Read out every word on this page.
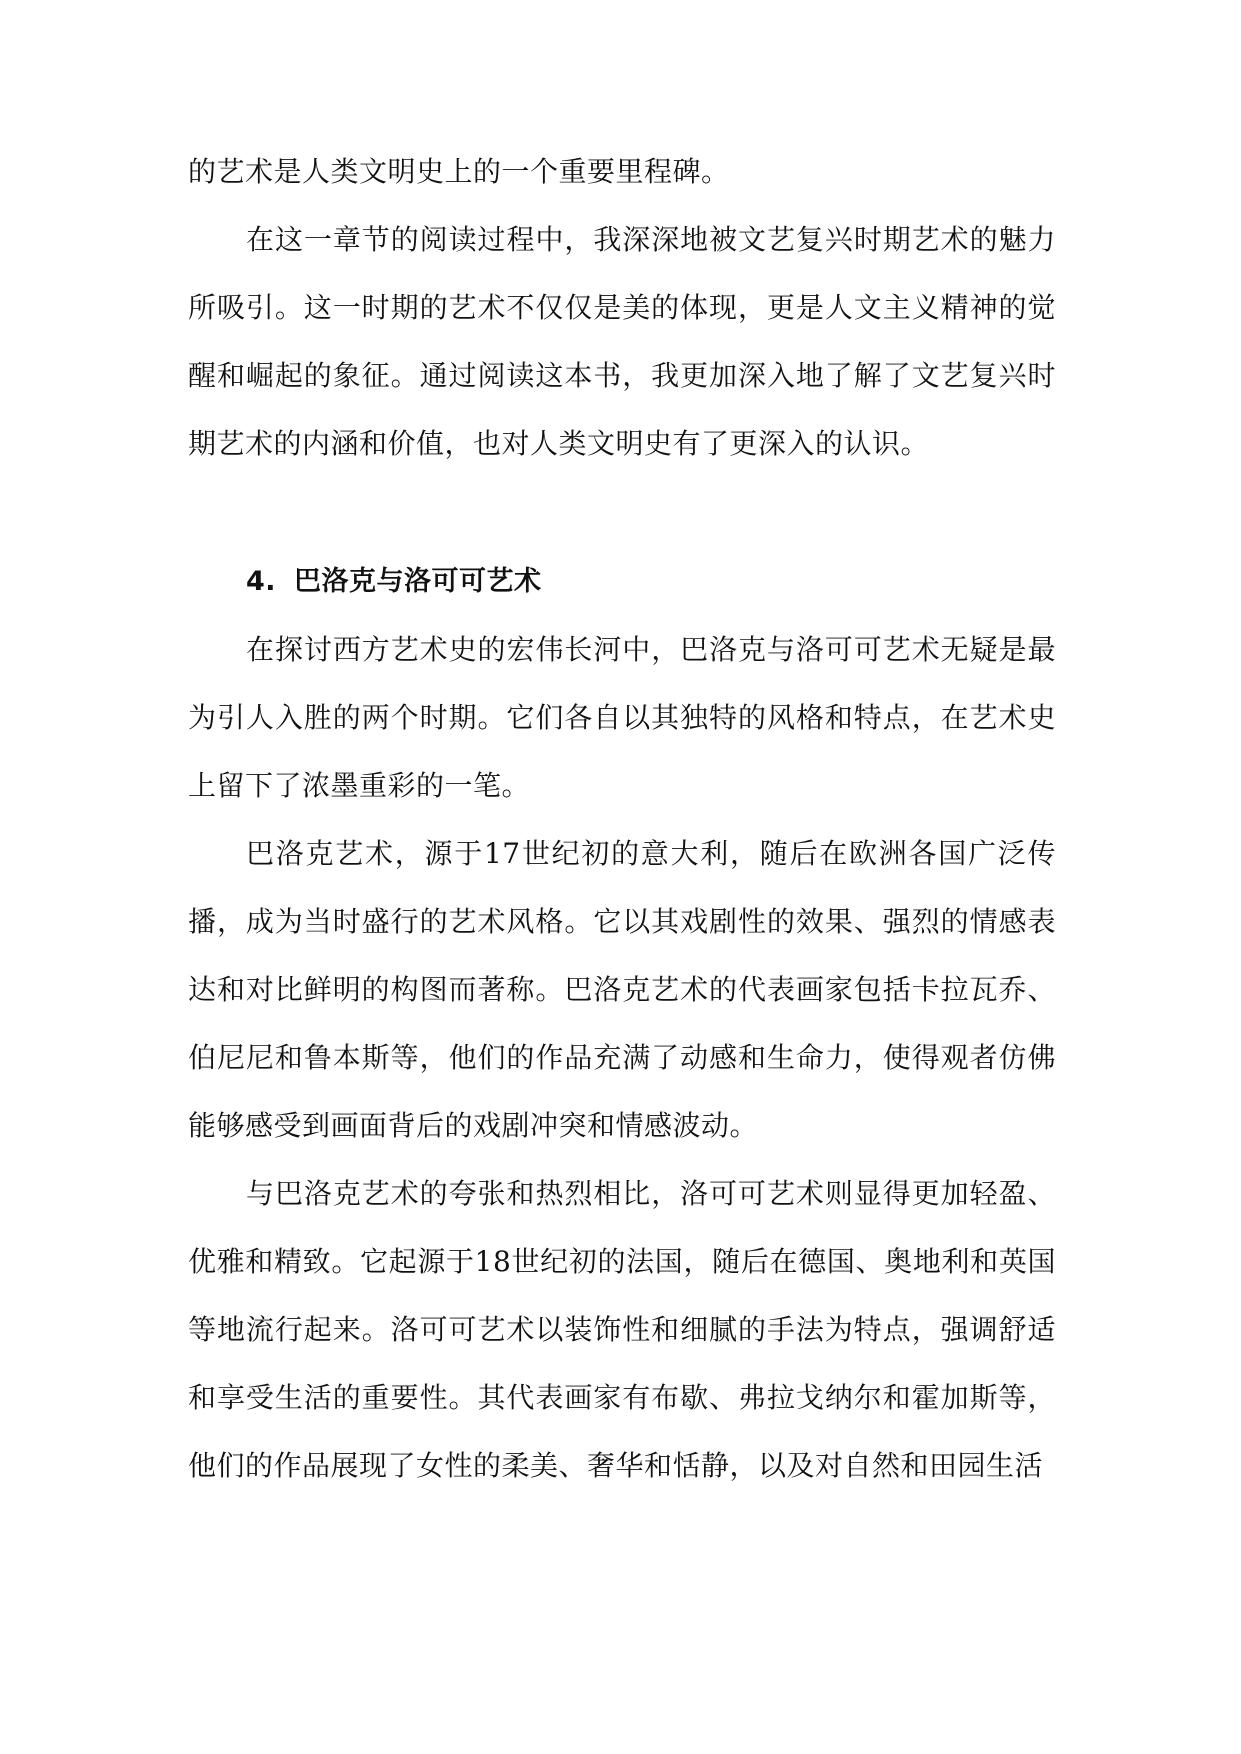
的艺术是人类文明史上的一个重要里程碑。

在这一章节的阅读过程中，我深深地被文艺复兴时期艺术的魅力所吸引。这一时期的艺术不仅仅是美的体现，更是人文主义精神的觉醒和崛起的象征。通过阅读这本书，我更加深入地了解了文艺复兴时期艺术的内涵和价值，也对人类文明史有了更深入的认识。

4. 巴洛克与洛可可艺术

在探讨西方艺术史的宏伟长河中，巴洛克与洛可可艺术无疑是最为引人入胜的两个时期。它们各自以其独特的风格和特点，在艺术史上留下了浓墨重彩的一笔。

巴洛克艺术，源于17世纪初的意大利，随后在欧洲各国广泛传播，成为当时盛行的艺术风格。它以其戏剧性的效果、强烈的情感表达和对比鲜明的构图而著称。巴洛克艺术的代表画家包括卡拉瓦乔、伯尼尼和鲁本斯等，他们的作品充满了动感和生命力，使得观者仿佛能够感受到画面背后的戏剧冲突和情感波动。

与巴洛克艺术的夸张和热烈相比，洛可可艺术则显得更加轻盈、优雅和精致。它起源于18世纪初的法国，随后在德国、奥地利和英国等地流行起来。洛可可艺术以装饰性和细腻的手法为特点，强调舒适和享受生活的重要性。其代表画家有布歇、弗拉戈纳尔和霍加斯等，他们的作品展现了女性的柔美、奢华和恬静，以及对自然和田园生活
